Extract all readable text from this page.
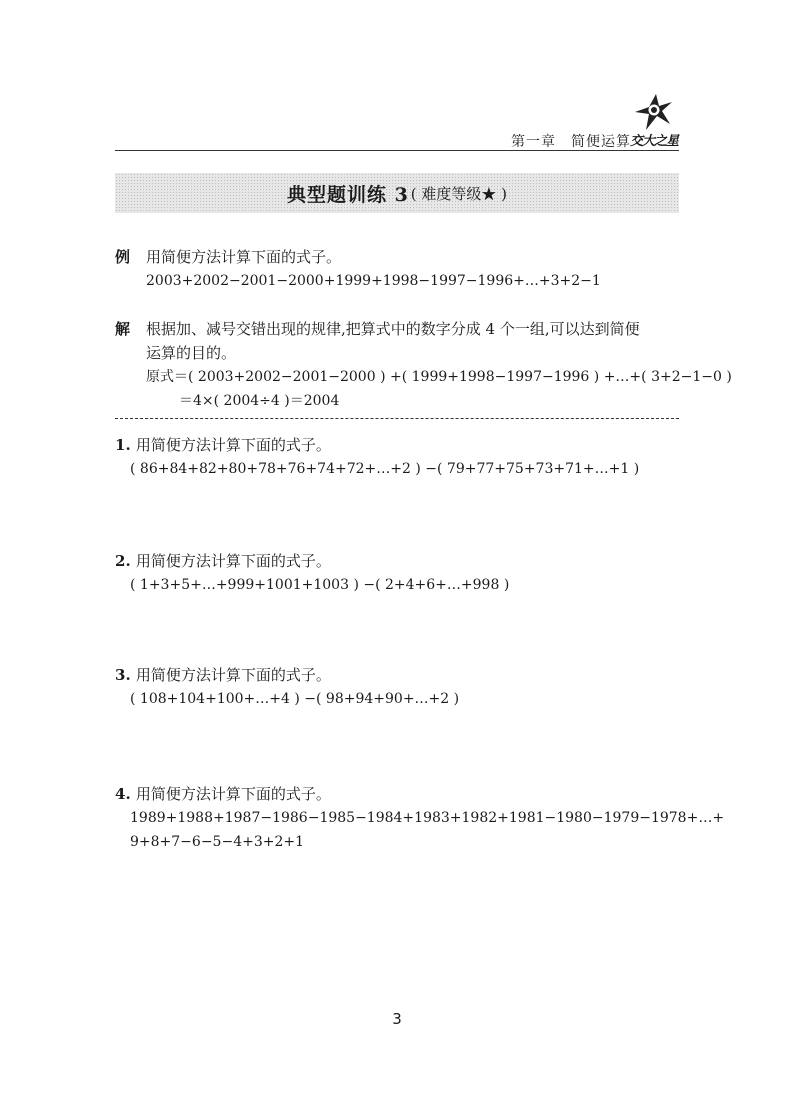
第一章　简便运算 交大之星
典型题训练 3 ( 难度等级★ )
例 用简便方法计算下面的式子。
2003+2002−2001−2000+1999+1998−1997−1996+…+3+2−1
解 根据加、减号交错出现的规律,把算式中的数字分成 4 个一组,可以达到简便
运算的目的。
原式＝( 2003+2002−2001−2000 ) +( 1999+1998−1997−1996 ) +…+( 3+2−1−0 )
＝4×( 2004÷4 )＝2004
1. 用简便方法计算下面的式子。
( 86+84+82+80+78+76+74+72+…+2 ) −( 79+77+75+73+71+…+1 )
2. 用简便方法计算下面的式子。
( 1+3+5+…+999+1001+1003 ) −( 2+4+6+…+998 )
3. 用简便方法计算下面的式子。
( 108+104+100+…+4 ) −( 98+94+90+…+2 )
4. 用简便方法计算下面的式子。
1989+1988+1987−1986−1985−1984+1983+1982+1981−1980−1979−1978+…+
9+8+7−6−5−4+3+2+1
3
